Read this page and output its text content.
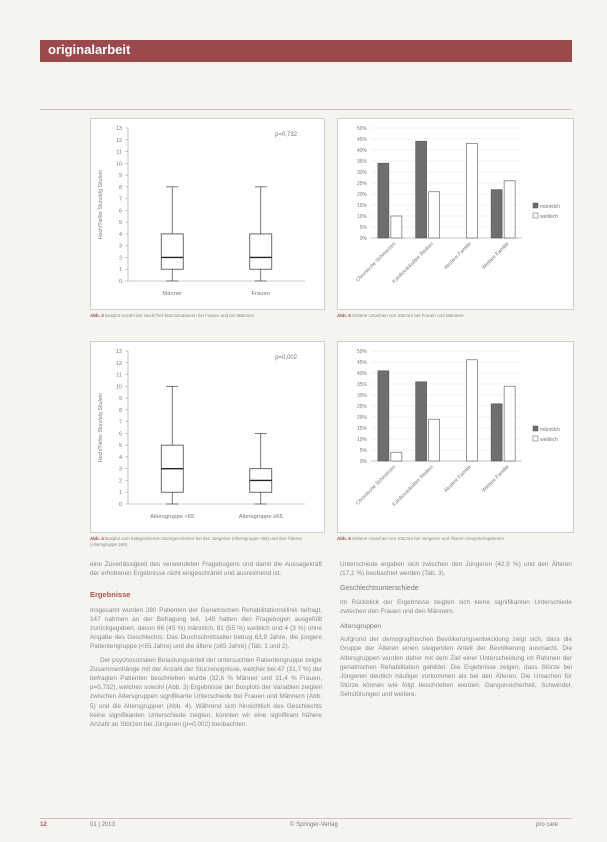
originalarbeit
0
1
2
3
4
5
6
7
8
9
10
11
12
13
Hoch/Tief/er Sturz/e/g Situ/e/n
p=0,732
Männer	Frauen
Abb. 3 Boxplot Anzahl der Hoch/Tief-Sturzsituationen bei Frauen und bei Männern
0%
5%
10%
15%
20%
25%
30%
35%
40%
45%
50%
Chronische Schmerzen
Kardiovaskuläre Risiken Akutere Familie Weitere Familie
männlich
weiblich
Abb. 5 Seltene Ursachen von Stürzen bei Frauen und Männern
0
1
2
3
4
5
6
7
8
9
10
11
12
13
Hoch/Tief/er Sturz/e/g Situ/e/n
p=0,002
Altersgruppe <65	Altersgruppe ≥65
Abb. 4 Boxplot zum kategorisierten Sturzgeschehen bei den Jüngeren (Altersgruppe <65) und den Älteren (Altersgruppe ≥65)
0%
5%
10%
15%
20%
25%
30%
35%
40%
45%
50%
Chronische Schmerzen
Kardiovaskuläre Risiken Akutere Familie Weitere Familie
männlich
weiblich
Abb. 6 Seltene Ursachen von Stürzen bei Jüngeren und Älteren Gesprächspartnern

eine Zuverlässigkeit des verwendeten Fragebogens und damit die Aussagekraft der erhobenen Ergebnisse nicht eingeschränkt und ausreichend ist.

Ergebnisse

Insgesamt wurden 280 Patienten der Geriatrischen Rehabilitationsklinik befragt. 147 nahmen an der Befragung teil, 145 hatten den Fragebogen ausgefüllt zurückgegeben, davon 66 (45 %) männlich, 81 (55 %) weiblich und 4 (3 %) ohne Angabe des Geschlechts. Das Durchschnittsalter betrug 63,9 Jahre, die jüngere Patientengruppe (<65 Jahre) und die ältere (≥65 Jahre) (Tab. 1 und 2).

Der psychosozialen Belastungsanteil der untersuchten Patientengruppe zeigte Zusammenhänge mit der Anzahl der Sturzereignisse, welcher bei 47 (31,7 %) der befragten Patienten beschrieben wurde (32,6 % Männer und 31,4 % Frauen, p=0,732), welches sowohl (Abb. 3) Ergebnisse der Boxplots der Variablen zeigten zwischen Altersgruppen signifikante Unterschiede bei Frauen und Männern (Abb. 5) und die Altersgruppen (Abb. 4). Während sich hinsichtlich des Geschlechts keine signifikanten Unterschiede zeigten, konnten wir eine signifikant höhere Anzahl an Stürzen bei Jüngeren (p=0,002) beobachten.

Unterschiede ergaben sich zwischen den Jüngeren (42,9 %) und den Älteren (17,1 %) beobachtet werden (Tab. 3).

Geschlechtsunterschiede

Im Rückblick der Ergebnisse zeigten sich keine signifikanten Unterschiede zwischen den Frauen und den Männern.

Altersgruppen

Aufgrund der demographischen Bevölkerungsentwicklung zeigt sich, dass die Gruppe der Älteren einen steigenden Anteil der Bevölkerung ausmacht. Die Altersgruppen wurden daher mit dem Ziel einer Unterscheidung im Rahmen der geriatrischen Rehabilitation gebildet. Die Ergebnisse zeigen, dass Stürze bei Jüngeren deutlich häufiger vorkommen als bei den Älteren. Die Ursachen für Stürze können wie folgt beschrieben werden: Gangunsicherheit, Schwindel, Sehstörungen und weitere.

12	01 | 2013	© Springer-Verlag	pro care
